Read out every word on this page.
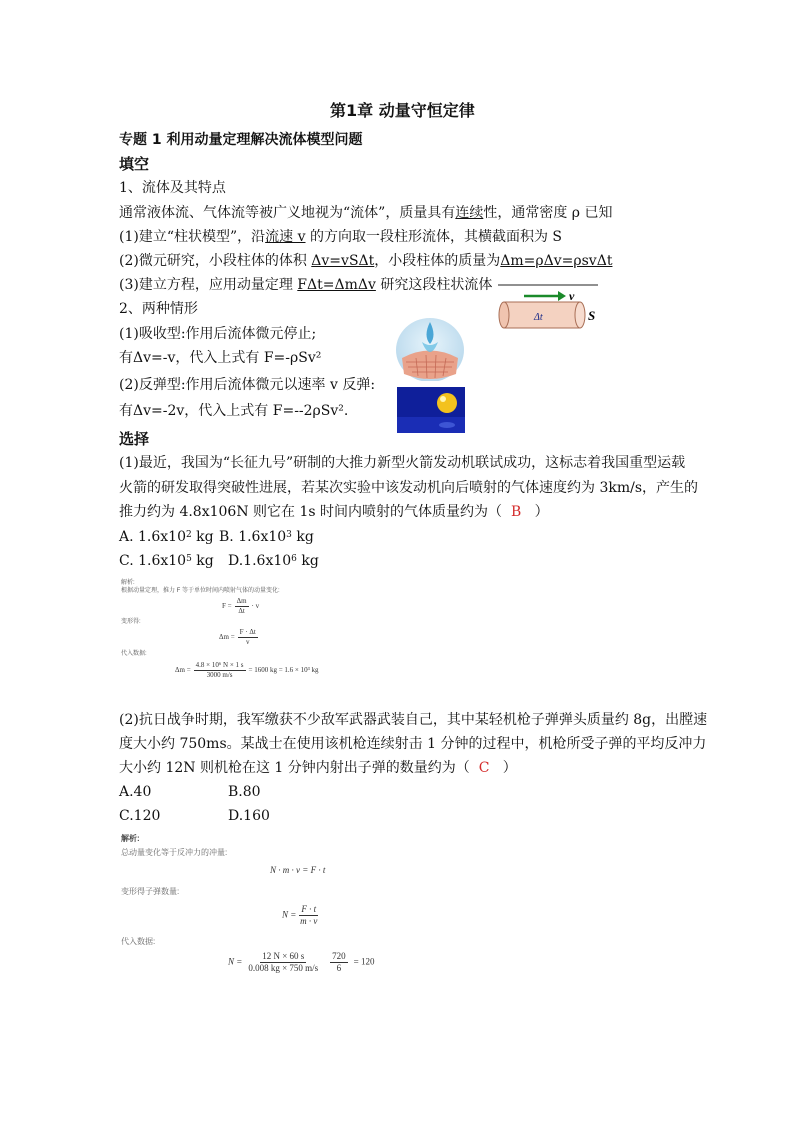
第1章 动量守恒定律
专题 1 利用动量定理解决流体模型问题
填空
1、流体及其特点
通常液体流、气体流等被广义地视为“流体”，质量具有连续性，通常密度 ρ 已知
(1)建立“柱状模型”，沿流速 v 的方向取一段柱形流体，其横截面积为 S
(2)微元研究，小段柱体的体积 Δv=vSΔt，小段柱体的质量为Δm=ρΔv=ρsvΔt
(3)建立方程，应用动量定理 FΔt=ΔmΔv 研究这段柱状流体
2、两种情形
(1)吸收型:作用后流体微元停止;
有Δv=-v，代入上式有 F=-ρSv²
(2)反弹型:作用后流体微元以速率 v 反弹:
有Δv=-2v，代入上式有 F=--2ρSv².
v
Δt	S
选择
(1)最近，我国为“长征九号”研制的大推力新型火箭发动机联试成功，这标志着我国重型运载
火箭的研发取得突破性进展，若某次实验中该发动机向后喷射的气体速度约为 3km/s，产生的
推力约为 4.8x106N 则它在 1s 时间内喷射的气体质量约为（ B ）
A. $1.6x10^2$ kg B. $1.6x10^3$ kg
C. $1.6x10^5$ kg $D.1.6x10^6$ kg
解析:
根据动量定理，推力 F 等于单位时间内喷射气体的动量变化:
$F = \frac{\Delta m}{\Delta t} \cdot v$
变形得:
$\Delta m = \frac{F \cdot \Delta t}{v}$
代入数据:
$\Delta m = \frac{\text{4.8 × 10⁶ N × 1 s}}{3000 m/s} = 1600$ kg = 1.6 × 10³ kg
(2)抗日战争时期，我军缴获不少敌军武器武装自己，其中某轻机枪子弹弹头质量约 8g，出膛速
度大小约 750ms。某战士在使用该机枪连续射击 1 分钟的过程中，机枪所受子弹的平均反冲力
大小约 12N 则机枪在这 1 分钟内射出子弹的数量约为（ C ）
A.40	B.80
C.120	D.160
解析:
总动量变化等于反冲力的冲量:
N · m · v = F · t
变形得子弹数量:
$N = \frac{F \cdot t}{m \cdot v}$
代入数据:
$N = \frac{12 N \times 60 s}{0.008 kg \times 750 m/s} \frac{720}{6} = 120$
